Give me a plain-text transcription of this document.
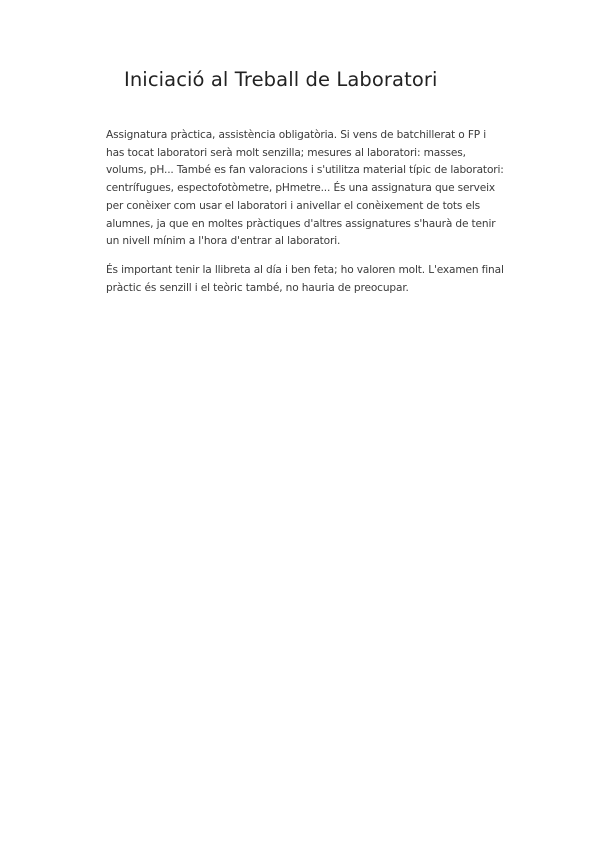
Iniciació al Treball de Laboratori
Assignatura pràctica, assistència obligatòria. Si vens de batchillerat o FP i
has tocat laboratori serà molt senzilla; mesures al laboratori: masses,
volums, pH... També es fan valoracions i s'utilitza material típic de laboratori:
centrífugues, espectofotòmetre, pHmetre... És una assignatura que serveix
per conèixer com usar el laboratori i anivellar el conèixement de tots els
alumnes, ja que en moltes pràctiques d'altres assignatures s'haurà de tenir
un nivell mínim a l'hora d'entrar al laboratori.
És important tenir la llibreta al día i ben feta; ho valoren molt. L'examen final
pràctic és senzill i el teòric també, no hauria de preocupar.
